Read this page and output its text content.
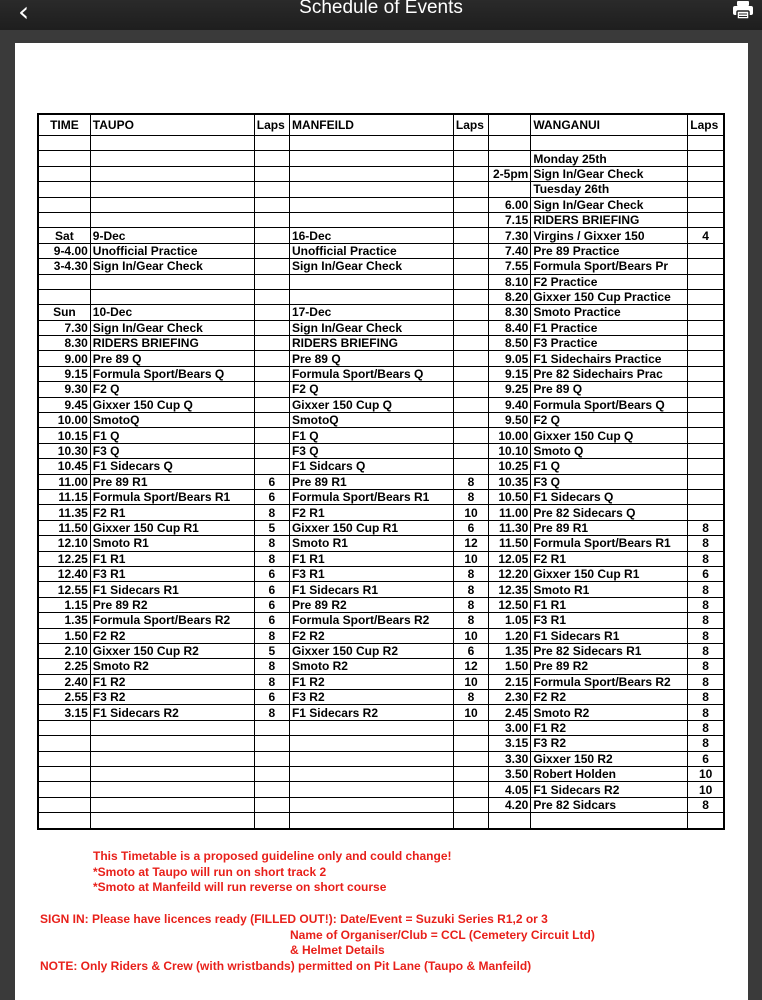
‹	Schedule of Events
TIME	TAUPO	Laps	MANFEILD	Laps		WANGANUI	Laps

						Monday 25th	
					2-5pm	Sign In/Gear Check	
						Tuesday 26th	
					6.00	Sign In/Gear Check	
					7.15	RIDERS BRIEFING	
Sat	9-Dec		16-Dec		7.30	Virgins / Gixxer 150	4
9-4.00	Unofficial Practice		Unofficial Practice		7.40	Pre 89 Practice	
3-4.30	Sign In/Gear Check		Sign In/Gear Check		7.55	Formula Sport/Bears Pr	
					8.10	F2 Practice	
					8.20	Gixxer 150 Cup Practice	
Sun	10-Dec		17-Dec		8.30	Smoto Practice	
7.30	Sign In/Gear Check		Sign In/Gear Check		8.40	F1 Practice	
8.30	RIDERS BRIEFING		RIDERS BRIEFING		8.50	F3 Practice	
9.00	Pre 89 Q		Pre 89 Q		9.05	F1 Sidechairs Practice	
9.15	Formula Sport/Bears Q		Formula Sport/Bears Q		9.15	Pre 82 Sidechairs Prac	
9.30	F2 Q		F2 Q		9.25	Pre 89 Q	
9.45	Gixxer 150 Cup Q		Gixxer 150 Cup Q		9.40	Formula Sport/Bears Q	
10.00	SmotoQ		SmotoQ		9.50	F2 Q	
10.15	F1 Q		F1 Q		10.00	Gixxer 150 Cup Q	
10.30	F3 Q		F3 Q		10.10	Smoto Q	
10.45	F1 Sidecars Q		F1 Sidcars Q		10.25	F1 Q	
11.00	Pre 89 R1	6	Pre 89 R1	8	10.35	F3 Q	
11.15	Formula Sport/Bears R1	6	Formula Sport/Bears R1	8	10.50	F1 Sidecars Q	
11.35	F2 R1	8	F2 R1	10	11.00	Pre 82 Sidecars Q	
11.50	Gixxer 150 Cup R1	5	Gixxer 150 Cup R1	6	11.30	Pre 89 R1	8
12.10	Smoto R1	8	Smoto R1	12	11.50	Formula Sport/Bears R1	8
12.25	F1 R1	8	F1 R1	10	12.05	F2 R1	8
12.40	F3 R1	6	F3 R1	8	12.20	Gixxer 150 Cup R1	6
12.55	F1 Sidecars R1	6	F1 Sidecars R1	8	12.35	Smoto R1	8
1.15	Pre 89 R2	6	Pre 89 R2	8	12.50	F1 R1	8
1.35	Formula Sport/Bears R2	6	Formula Sport/Bears R2	8	1.05	F3 R1	8
1.50	F2 R2	8	F2 R2	10	1.20	F1 Sidecars R1	8
2.10	Gixxer 150 Cup R2	5	Gixxer 150 Cup R2	6	1.35	Pre 82 Sidecars R1	8
2.25	Smoto R2	8	Smoto R2	12	1.50	Pre 89 R2	8
2.40	F1 R2	8	F1 R2	10	2.15	Formula Sport/Bears R2	8
2.55	F3 R2	6	F3 R2	8	2.30	F2 R2	8
3.15	F1 Sidecars R2	8	F1 Sidecars R2	10	2.45	Smoto R2	8
					3.00	F1 R2	8
					3.15	F3 R2	8
					3.30	Gixxer 150 R2	6
					3.50	Robert Holden	10
					4.05	F1 Sidecars R2	10
					4.20	Pre 82 Sidcars	8

This Timetable is a proposed guideline only and could change!
*Smoto at Taupo will run on short track 2
*Smoto at Manfeild will run reverse on short course
SIGN IN: Please have licences ready (FILLED OUT!): Date/Event = Suzuki Series R1,2 or 3
Name of Organiser/Club = CCL (Cemetery Circuit Ltd)
& Helmet Details
NOTE: Only Riders & Crew (with wristbands) permitted on Pit Lane (Taupo & Manfeild)
